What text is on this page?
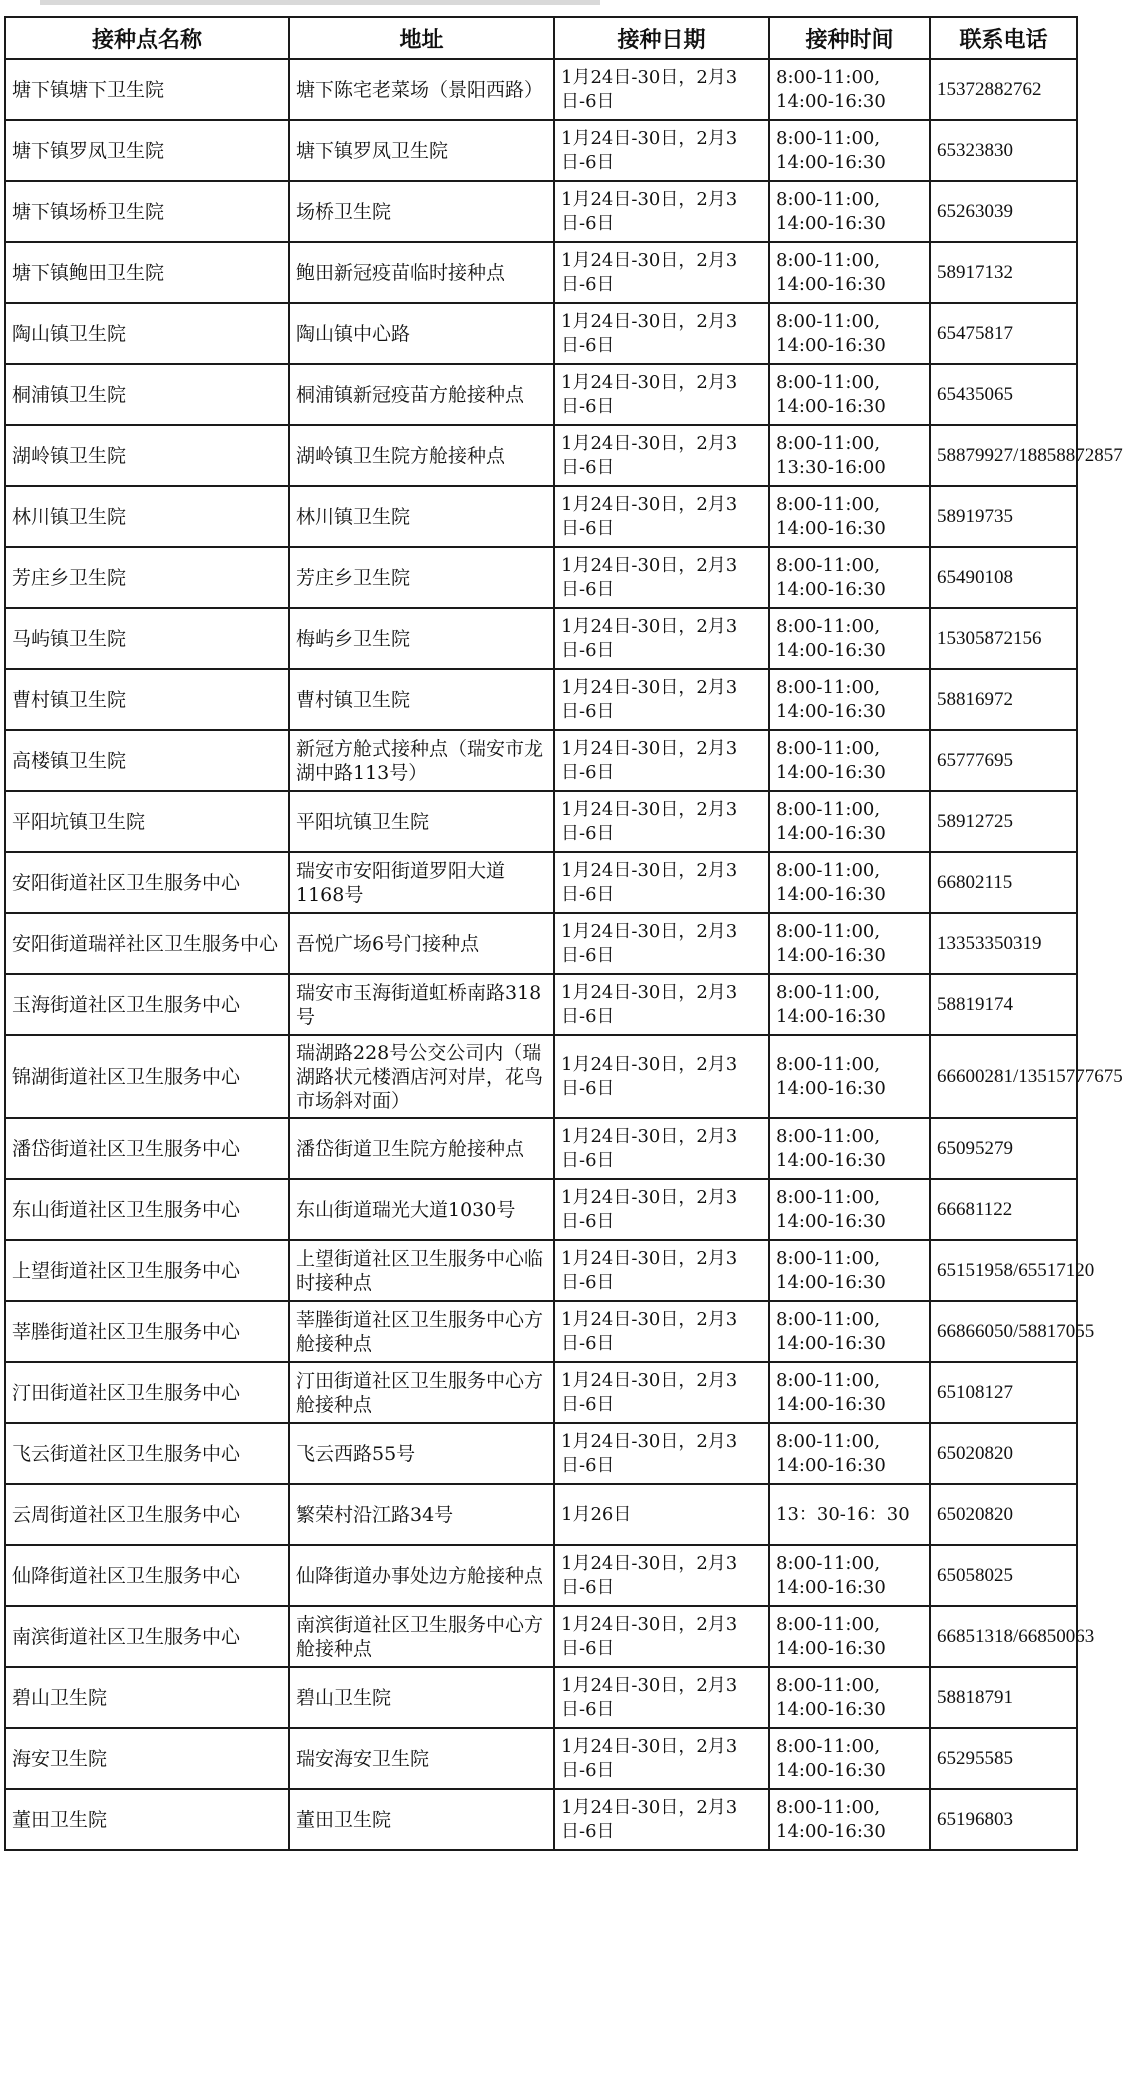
接种点名称	地址	接种日期	接种时间	联系电话
塘下镇塘下卫生院	塘下陈宅老菜场（景阳西路）	1月24日-30日，2月3日-6日	8:00-11:00, 14:00-16:30	15372882762
塘下镇罗凤卫生院	塘下镇罗凤卫生院	1月24日-30日，2月3日-6日	8:00-11:00, 14:00-16:30	65323830
塘下镇场桥卫生院	场桥卫生院	1月24日-30日，2月3日-6日	8:00-11:00, 14:00-16:30	65263039
塘下镇鲍田卫生院	鲍田新冠疫苗临时接种点	1月24日-30日，2月3日-6日	8:00-11:00, 14:00-16:30	58917132
陶山镇卫生院	陶山镇中心路	1月24日-30日，2月3日-6日	8:00-11:00, 14:00-16:30	65475817
桐浦镇卫生院	桐浦镇新冠疫苗方舱接种点	1月24日-30日，2月3日-6日	8:00-11:00, 14:00-16:30	65435065
湖岭镇卫生院	湖岭镇卫生院方舱接种点	1月24日-30日，2月3日-6日	8:00-11:00, 13:30-16:00	58879927/18858872857
林川镇卫生院	林川镇卫生院	1月24日-30日，2月3日-6日	8:00-11:00, 14:00-16:30	58919735
芳庄乡卫生院	芳庄乡卫生院	1月24日-30日，2月3日-6日	8:00-11:00, 14:00-16:30	65490108
马屿镇卫生院	梅屿乡卫生院	1月24日-30日，2月3日-6日	8:00-11:00, 14:00-16:30	15305872156
曹村镇卫生院	曹村镇卫生院	1月24日-30日，2月3日-6日	8:00-11:00, 14:00-16:30	58816972
高楼镇卫生院	新冠方舱式接种点（瑞安市龙湖中路113号）	1月24日-30日，2月3日-6日	8:00-11:00, 14:00-16:30	65777695
平阳坑镇卫生院	平阳坑镇卫生院	1月24日-30日，2月3日-6日	8:00-11:00, 14:00-16:30	58912725
安阳街道社区卫生服务中心	瑞安市安阳街道罗阳大道1168号	1月24日-30日，2月3日-6日	8:00-11:00, 14:00-16:30	66802115
安阳街道瑞祥社区卫生服务中心	吾悦广场6号门接种点	1月24日-30日，2月3日-6日	8:00-11:00, 14:00-16:30	13353350319
玉海街道社区卫生服务中心	瑞安市玉海街道虹桥南路318号	1月24日-30日，2月3日-6日	8:00-11:00, 14:00-16:30	58819174
锦湖街道社区卫生服务中心	瑞湖路228号公交公司内（瑞湖路状元楼酒店河对岸，花鸟市场斜对面）	1月24日-30日，2月3日-6日	8:00-11:00, 14:00-16:30	66600281/13515777675
潘岱街道社区卫生服务中心	潘岱街道卫生院方舱接种点	1月24日-30日，2月3日-6日	8:00-11:00, 14:00-16:30	65095279
东山街道社区卫生服务中心	东山街道瑞光大道1030号	1月24日-30日，2月3日-6日	8:00-11:00, 14:00-16:30	66681122
上望街道社区卫生服务中心	上望街道社区卫生服务中心临时接种点	1月24日-30日，2月3日-6日	8:00-11:00, 14:00-16:30	65151958/65517120
莘塍街道社区卫生服务中心	莘塍街道社区卫生服务中心方舱接种点	1月24日-30日，2月3日-6日	8:00-11:00, 14:00-16:30	66866050/58817055
汀田街道社区卫生服务中心	汀田街道社区卫生服务中心方舱接种点	1月24日-30日，2月3日-6日	8:00-11:00, 14:00-16:30	65108127
飞云街道社区卫生服务中心	飞云西路55号	1月24日-30日，2月3日-6日	8:00-11:00, 14:00-16:30	65020820
云周街道社区卫生服务中心	繁荣村沿江路34号	1月26日	13：30-16：30	65020820
仙降街道社区卫生服务中心	仙降街道办事处边方舱接种点	1月24日-30日，2月3日-6日	8:00-11:00, 14:00-16:30	65058025
南滨街道社区卫生服务中心	南滨街道社区卫生服务中心方舱接种点	1月24日-30日，2月3日-6日	8:00-11:00, 14:00-16:30	66851318/66850063
碧山卫生院	碧山卫生院	1月24日-30日，2月3日-6日	8:00-11:00, 14:00-16:30	58818791
海安卫生院	瑞安海安卫生院	1月24日-30日，2月3日-6日	8:00-11:00, 14:00-16:30	65295585
董田卫生院	董田卫生院	1月24日-30日，2月3日-6日	8:00-11:00, 14:00-16:30	65196803
